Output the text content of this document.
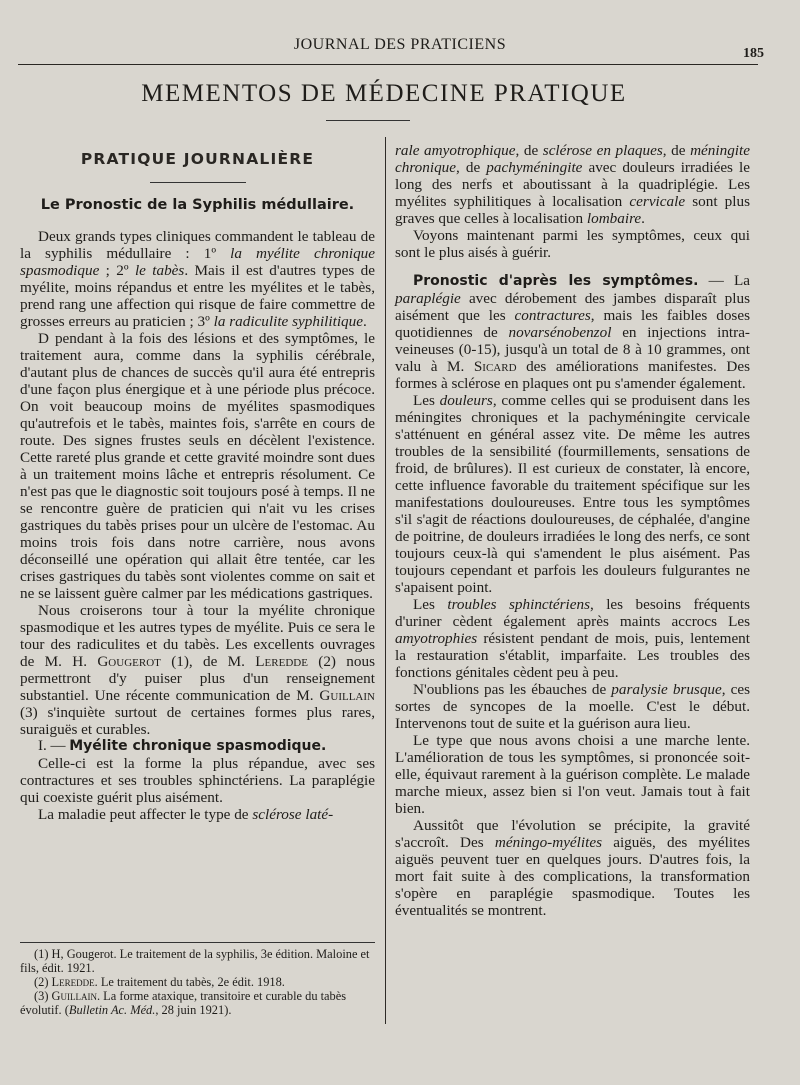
JOURNAL DES PRATICIENS
185
MEMENTOS DE MÉDECINE PRATIQUE
PRATIQUE JOURNALIÈRE
Le Pronostic de la Syphilis médullaire.

Deux grands types cliniques commandent le tableau de la syphilis médullaire : 1º la myélite chronique spasmodique ; 2º le tabès. Mais il est d'autres types de myélite, moins répandus et entre les myélites et le tabès, prend rang une affection qui risque de faire commettre de grosses erreurs au praticien ; 3º la radiculite syphilitique.

D pendant à la fois des lésions et des symptômes, le traitement aura, comme dans la syphilis cérébrale, d'autant plus de chances de succès qu'il aura été entrepris d'une façon plus énergique et à une période plus précoce. On voit beaucoup moins de myélites spasmodiques qu'autrefois et le tabès, maintes fois, s'arrête en cours de route. Des signes frustes seuls en décèlent l'existence. Cette rareté plus grande et cette gravité moindre sont dues à un traitement moins lâche et entrepris résolument. Ce n'est pas que le diagnostic soit toujours posé à temps. Il ne se rencontre guère de praticien qui n'ait vu les crises gastriques du tabès prises pour un ulcère de l'estomac. Au moins trois fois dans notre carrière, nous avons déconseillé une opération qui allait être tentée, car les crises gastriques du tabès sont violentes comme on sait et ne se laissent guère calmer par les médications gastriques.

Nous croiserons tour à tour la myélite chronique spasmodique et les autres types de myélite. Puis ce sera le tour des radiculites et du tabès. Les excellents ouvrages de M. H. Gougerot (1), de M. Leredde (2) nous permettront d'y puiser plus d'un renseignement substantiel. Une récente communication de M. Guillain (3) s'inquiète surtout de certaines formes plus rares, suraiguës et curables.

I. — Myélite chronique spasmodique.

Celle-ci est la forme la plus répandue, avec ses contractures et ses troubles sphinctériens. La paraplégie qui coexiste guérit plus aisément.

La maladie peut affecter le type de sclérose laté-

(1) H, Gougerot. Le traitement de la syphilis, 3e édition. Maloine et fils, édit. 1921.
(2) Leredde. Le traitement du tabès, 2e édit. 1918.
(3) Guillain. La forme ataxique, transitoire et curable du tabès évolutif. (Bulletin Ac. Méd., 28 juin 1921).

rale amyotrophique, de sclérose en plaques, de méningite chronique, de pachyméningite avec douleurs irradiées le long des nerfs et aboutissant à la quadriplégie. Les myélites syphilitiques à localisation cervicale sont plus graves que celles à localisation lombaire.

Voyons maintenant parmi les symptômes, ceux qui sont le plus aisés à guérir.

Pronostic d'après les symptômes. — La paraplégie avec dérobement des jambes disparaît plus aisément que les contractures, mais les faibles doses quotidiennes de novarsénobenzol en injections intra-veineuses (0-15), jusqu'à un total de 8 à 10 grammes, ont valu à M. Sicard des améliorations manifestes. Des formes à sclérose en plaques ont pu s'amender également.

Les douleurs, comme celles qui se produisent dans les méningites chroniques et la pachyméningite cervicale s'atténuent en général assez vite. De même les autres troubles de la sensibilité (fourmillements, sensations de froid, de brûlures). Il est curieux de constater, là encore, cette influence favorable du traitement spécifique sur les manifestations douloureuses. Entre tous les symptômes s'il s'agit de réactions douloureuses, de céphalée, d'angine de poitrine, de douleurs irradiées le long des nerfs, ce sont toujours ceux-là qui s'amendent le plus aisément. Pas toujours cependant et parfois les douleurs fulgurantes ne s'apaisent point.

Les troubles sphinctériens, les besoins fréquents d'uriner cèdent également après maints accrocs Les amyotrophies résistent pendant de mois, puis, lentement la restauration s'établit, imparfaite. Les troubles des fonctions génitales cèdent peu à peu.

N'oublions pas les ébauches de paralysie brusque, ces sortes de syncopes de la moelle. C'est le début. Intervenons tout de suite et la guérison aura lieu.

Le type que nous avons choisi a une marche lente. L'amélioration de tous les symptômes, si prononcée soit-elle, équivaut rarement à la guérison complète. Le malade marche mieux, assez bien si l'on veut. Jamais tout à fait bien.

Aussitôt que l'évolution se précipite, la gravité s'accroît. Des méningo-myélites aiguës, des myélites aiguës peuvent tuer en quelques jours. D'autres fois, la mort fait suite à des complications, la transformation s'opère en paraplégie spasmodique. Toutes les éventualités se montrent.
